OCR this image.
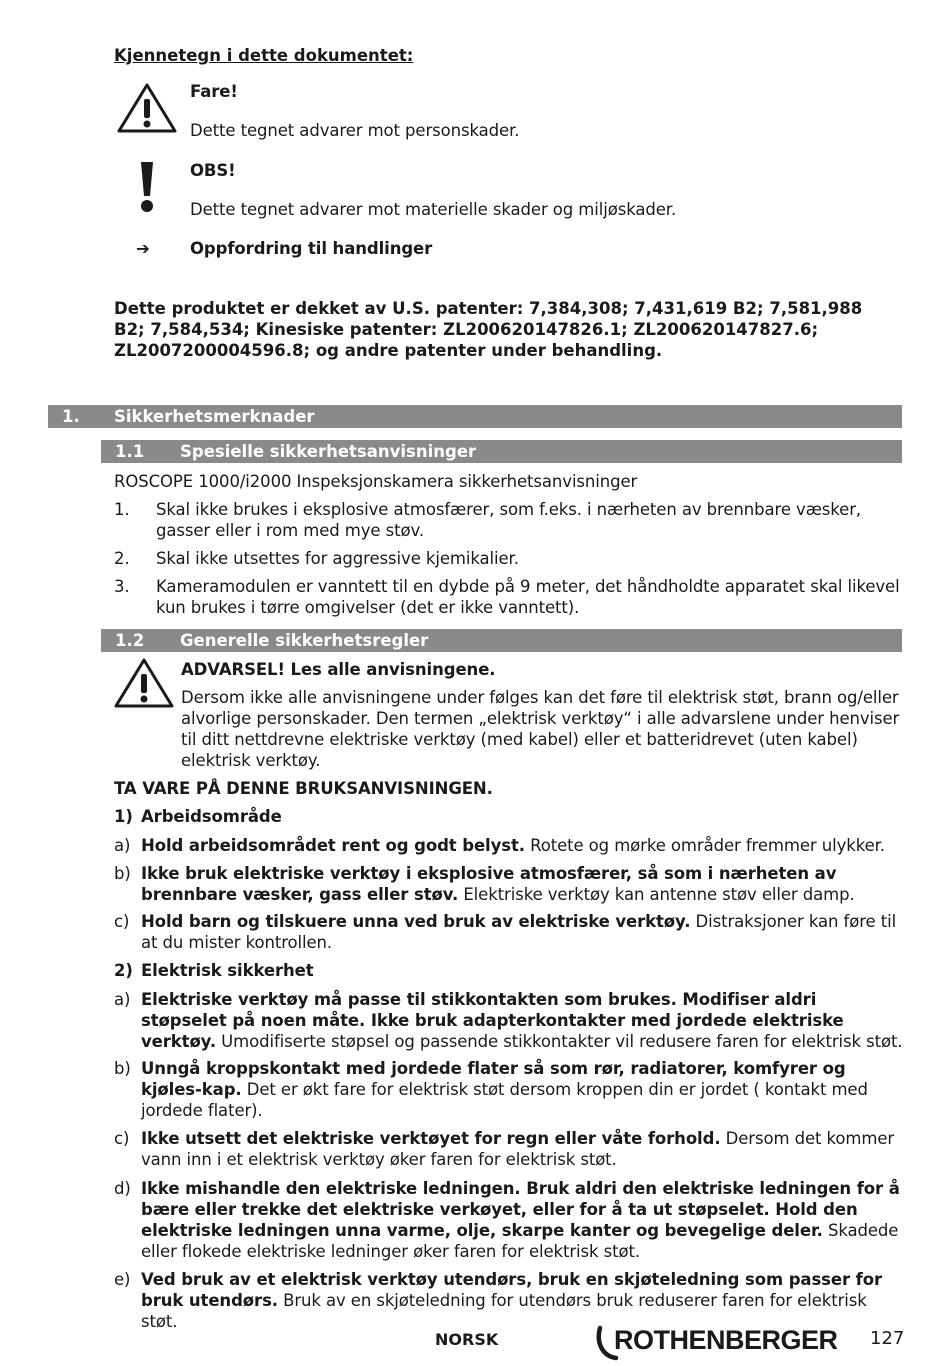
Kjennetegn i dette dokumentet:
Fare!
Dette tegnet advarer mot personskader.
OBS!
Dette tegnet advarer mot materielle skader og miljøskader.
➔ Oppfordring til handlinger
Dette produktet er dekket av U.S. patenter: 7,384,308; 7,431,619 B2; 7,581,988 B2; 7,584,534; Kinesiske patenter: ZL200620147826.1; ZL200620147827.6; ZL2007200004596.8; og andre patenter under behandling.
1. Sikkerhetsmerknader
1.1 Spesielle sikkerhetsanvisninger
ROSCOPE 1000/i2000 Inspeksjonskamera sikkerhetsanvisninger
1. Skal ikke brukes i eksplosive atmosfærer, som f.eks. i nærheten av brennbare væsker, gasser eller i rom med mye støv.
2. Skal ikke utsettes for aggressive kjemikalier.
3. Kameramodulen er vanntett til en dybde på 9 meter, det håndholdte apparatet skal likevel kun brukes i tørre omgivelser (det er ikke vanntett).
1.2 Generelle sikkerhetsregler
ADVARSEL! Les alle anvisningene.
Dersom ikke alle anvisningene under følges kan det føre til elektrisk støt, brann og/eller alvorlige personskader. Den termen „elektrisk verktøy“ i alle advarslene under henviser til ditt nettdrevne elektriske verktøy (med kabel) eller et batteridrevet (uten kabel) elektrisk verktøy.
TA VARE PÅ DENNE BRUKSANVISNINGEN.
1) Arbeidsområde
a) Hold arbeidsområdet rent og godt belyst. Rotete og mørke områder fremmer ulykker.
b) Ikke bruk elektriske verktøy i eksplosive atmosfærer, så som i nærheten av brennbare væsker, gass eller støv. Elektriske verktøy kan antenne støv eller damp.
c) Hold barn og tilskuere unna ved bruk av elektriske verktøy. Distraksjoner kan føre til at du mister kontrollen.
2) Elektrisk sikkerhet
a) Elektriske verktøy må passe til stikkontakten som brukes. Modifiser aldri støpselet på noen måte. Ikke bruk adapterkontakter med jordede elektriske verktøy. Umodifiserte støpsel og passende stikkontakter vil redusere faren for elektrisk støt.
b) Unngå kroppskontakt med jordede flater så som rør, radiatorer, komfyrer og kjøles-kap. Det er økt fare for elektrisk støt dersom kroppen din er jordet ( kontakt med jordede flater).
c) Ikke utsett det elektriske verktøyet for regn eller våte forhold. Dersom det kommer vann inn i et elektrisk verktøy øker faren for elektrisk støt.
d) Ikke mishandle den elektriske ledningen. Bruk aldri den elektriske ledningen for å bære eller trekke det elektriske verkøyet, eller for å ta ut støpselet. Hold den elektriske ledningen unna varme, olje, skarpe kanter og bevegelige deler. Skadede eller flokede elektriske ledninger øker faren for elektrisk støt.
e) Ved bruk av et elektrisk verktøy utendørs, bruk en skjøteledning som passer for bruk utendørs. Bruk av en skjøteledning for utendørs bruk reduserer faren for elektrisk støt.
NORSK	ROTHENBERGER 127
